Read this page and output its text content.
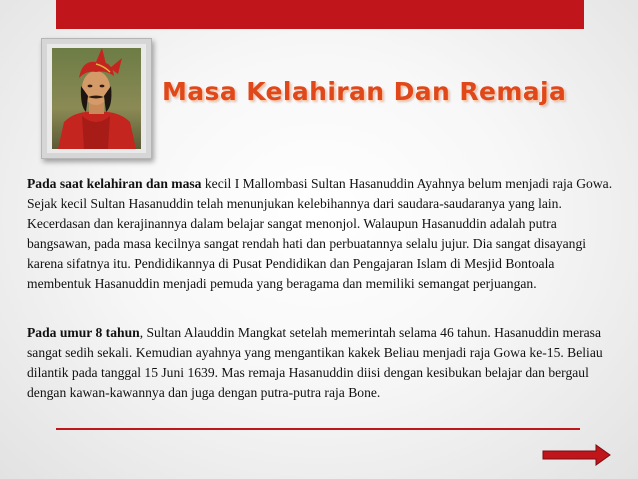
Masa Kelahiran Dan Remaja
Pada saat kelahiran dan masa kecil I Mallombasi Sultan Hasanuddin Ayahnya belum menjadi raja Gowa. Sejak kecil Sultan Hasanuddin telah menunjukan kelebihannya dari saudara-saudaranya yang lain. Kecerdasan dan kerajinannya dalam belajar sangat menonjol. Walaupun Hasanuddin adalah putra bangsawan, pada masa kecilnya sangat rendah hati dan perbuatannya selalu jujur. Dia sangat disayangi karena sifatnya itu. Pendidikannya di Pusat Pendidikan dan Pengajaran Islam di Mesjid Bontoala membentuk Hasanuddin menjadi pemuda yang beragama dan memiliki semangat perjuangan.
Pada umur 8 tahun, Sultan Alauddin Mangkat setelah memerintah selama 46 tahun. Hasanuddin merasa sangat sedih sekali. Kemudian ayahnya yang mengantikan kakek Beliau menjadi raja Gowa ke-15. Beliau dilantik pada tanggal 15 Juni 1639. Mas remaja Hasanuddin diisi dengan kesibukan belajar dan bergaul dengan kawan-kawannya dan juga dengan putra-putra raja Bone.
